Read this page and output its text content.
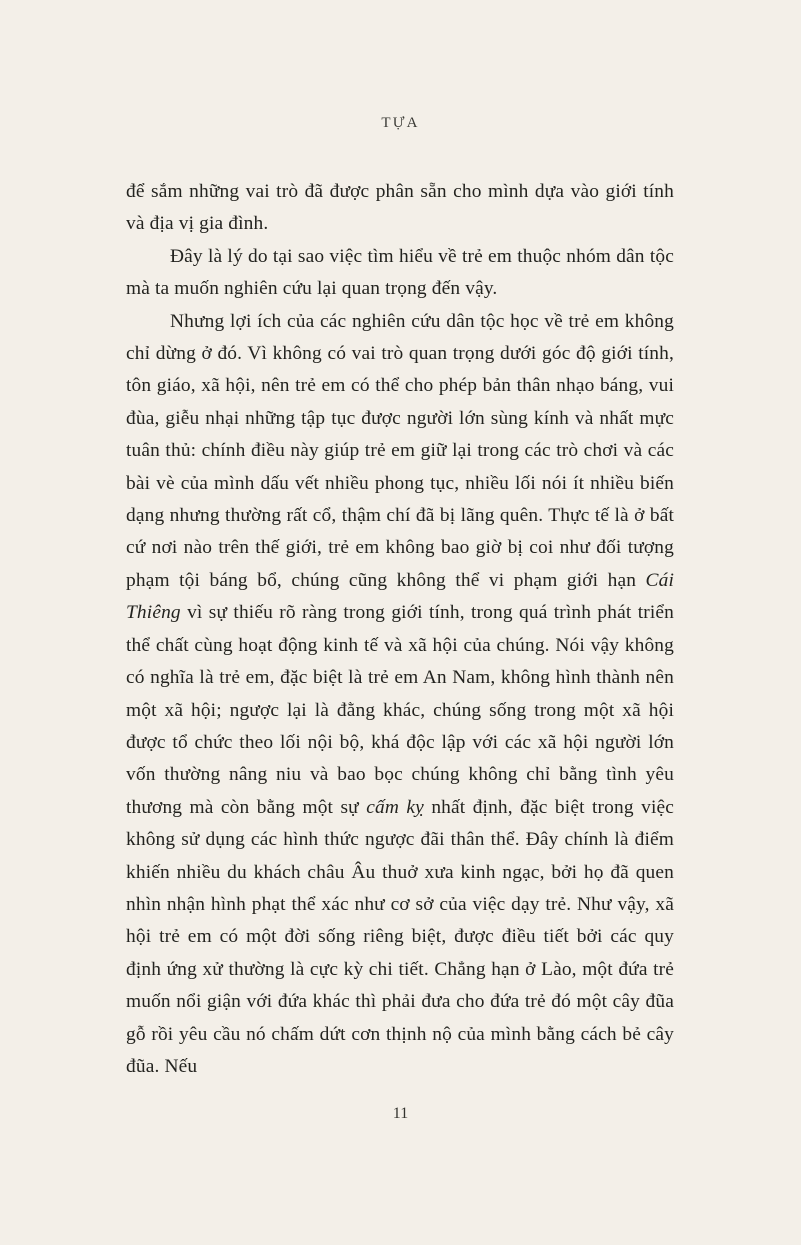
TỰA

để sắm những vai trò đã được phân sẵn cho mình dựa vào giới tính và địa vị gia đình.

Đây là lý do tại sao việc tìm hiểu về trẻ em thuộc nhóm dân tộc mà ta muốn nghiên cứu lại quan trọng đến vậy.

Nhưng lợi ích của các nghiên cứu dân tộc học về trẻ em không chỉ dừng ở đó. Vì không có vai trò quan trọng dưới góc độ giới tính, tôn giáo, xã hội, nên trẻ em có thể cho phép bản thân nhạo báng, vui đùa, giễu nhại những tập tục được người lớn sùng kính và nhất mực tuân thủ: chính điều này giúp trẻ em giữ lại trong các trò chơi và các bài vè của mình dấu vết nhiều phong tục, nhiều lối nói ít nhiều biến dạng nhưng thường rất cổ, thậm chí đã bị lãng quên. Thực tế là ở bất cứ nơi nào trên thế giới, trẻ em không bao giờ bị coi như đối tượng phạm tội báng bổ, chúng cũng không thể vi phạm giới hạn Cái Thiêng vì sự thiếu rõ ràng trong giới tính, trong quá trình phát triển thể chất cùng hoạt động kinh tế và xã hội của chúng. Nói vậy không có nghĩa là trẻ em, đặc biệt là trẻ em An Nam, không hình thành nên một xã hội; ngược lại là đằng khác, chúng sống trong một xã hội được tổ chức theo lối nội bộ, khá độc lập với các xã hội người lớn vốn thường nâng niu và bao bọc chúng không chỉ bằng tình yêu thương mà còn bằng một sự cấm kỵ nhất định, đặc biệt trong việc không sử dụng các hình thức ngược đãi thân thể. Đây chính là điểm khiến nhiều du khách châu Âu thuở xưa kinh ngạc, bởi họ đã quen nhìn nhận hình phạt thể xác như cơ sở của việc dạy trẻ. Như vậy, xã hội trẻ em có một đời sống riêng biệt, được điều tiết bởi các quy định ứng xử thường là cực kỳ chi tiết. Chẳng hạn ở Lào, một đứa trẻ muốn nổi giận với đứa khác thì phải đưa cho đứa trẻ đó một cây đũa gỗ rồi yêu cầu nó chấm dứt cơn thịnh nộ của mình bằng cách bẻ cây đũa. Nếu

11
